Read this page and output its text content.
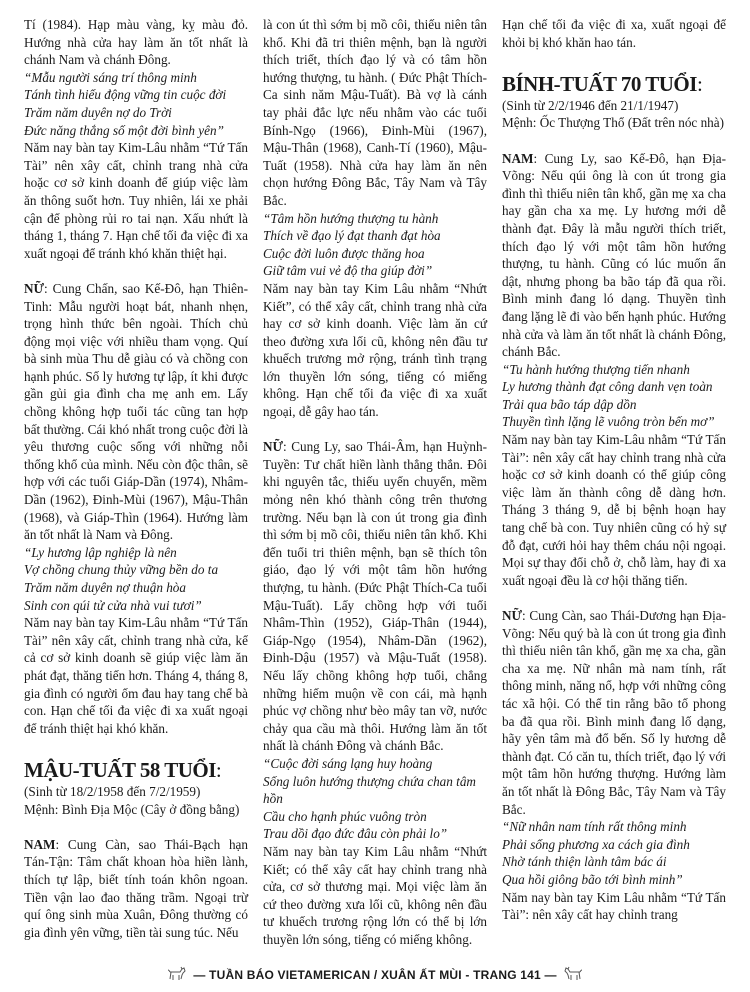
Tí (1984). Hạp màu vàng, kỵ màu đỏ. Hướng nhà cửa hay làm ăn tốt nhất là chánh Nam và chánh Đông.

“Mẫu người sáng trí thông minh
Tánh tình hiếu động vững tin cuộc đời
Trăm năm duyên nợ do Trời
Đức năng thắng số một đời bình yên”

Năm nay bàn tay Kim-Lâu nhằm “Tứ Tấn Tài” nên xây cất, chỉnh trang nhà cửa hoặc cơ sở kinh doanh để giúp việc làm ăn thông suốt hơn. Tuy nhiên, lái xe phải cận để phòng rủi ro tai nạn. Xấu nhứt là tháng 1, tháng 7. Hạn chế tối đa việc đi xa xuất ngoại để tránh khó khăn thiệt hại.

NỮ: Cung Chấn, sao Kế-Đô, hạn Thiên-Tinh: Mẫu người hoạt bát, nhanh nhẹn, trọng hình thức bên ngoài. Thích chủ động mọi việc với nhiều tham vọng. Quí bà sinh mùa Thu dễ giàu có và chồng con hạnh phúc. Số ly hương tự lập, ít khi được gần gủi gia đình cha mẹ anh em. Lấy chồng không hợp tuổi tác cũng tan hợp bất thường. Cái khó nhất trong cuộc đời là yêu thương cuộc sống với những nỗi thống khổ của mình. Nếu còn độc thân, sẽ hợp với các tuổi Giáp-Dần (1974), Nhâm-Dần (1962), Đinh-Mùi (1967), Mậu-Thân (1968), và Giáp-Thìn (1964). Hướng làm ăn tốt nhất là Nam và Đông.

“Ly hương lập nghiệp là nên
Vợ chồng chung thủy vững bền do ta
Trăm năm duyên nợ thuận hòa
Sinh con qúi tử cửa nhà vui tươi”

Năm nay bàn tay Kim-Lâu nhằm “Tứ Tấn Tài” nên xây cất, chỉnh trang nhà cửa, kể cả cơ sở kinh doanh sẽ giúp việc làm ăn phát đạt, thăng tiến hơn. Tháng 4, tháng 8, gia đình có người ốm đau hay tang chế bà con. Hạn chế tối đa việc đi xa xuất ngoại để tránh thiệt hại khó khăn.

MẬU-TUẤT 58 TUỔI:

(Sinh từ 18/2/1958 đến 7/2/1959)

Mệnh: Bình Địa Mộc (Cây ở đồng bằng)

NAM: Cung Càn, sao Thái-Bạch hạn Tán-Tận: Tâm chất khoan hòa hiền lành, thích tự lập, biết tính toán khôn ngoan. Tiền vận lao đao thăng trầm. Ngoại trừ quí ông sinh mùa Xuân, Đông thường có gia đình yên vững, tiền tài sung túc. Nếu

là con út thì sớm bị mồ côi, thiếu niên tân khổ. Khi đã tri thiên mệnh, bạn là người thích triết, thích đạo lý và có tâm hồn hướng thượng, tu hành. ( Đức Phật Thích-Ca sinh năm Mậu-Tuất). Bà vợ là cánh tay phải đắc lực nếu nhằm vào các tuổi Bính-Ngọ (1966), Đinh-Mùi (1967), Mậu-Thân (1968), Canh-Tí (1960), Mậu-Tuất (1958). Nhà cửa hay làm ăn nên chọn hướng Đông Bắc, Tây Nam và Tây Bắc.

“Tâm hồn hướng thượng tu hành
Thích về đạo lý đạt thanh đạt hòa
Cuộc đời luôn được thăng hoa
Giữ tâm vui vẻ độ tha giúp đời”

Năm nay bàn tay Kim Lâu nhằm “Nhứt Kiết”, có thể xây cất, chỉnh trang nhà cửa hay cơ sở kinh doanh. Việc làm ăn cứ theo đường xưa lối cũ, không nên đầu tư khuếch trương mở rộng, tránh tình trạng lớn thuyền lớn sóng, tiếng có miếng không. Hạn chế tối đa việc đi xa xuất ngoại, dễ gây hao tán.

NỮ: Cung Ly, sao Thái-Âm, hạn Huỳnh-Tuyền: Tư chất hiền lành thẳng thắn. Đôi khi nguyên tắc, thiếu uyển chuyển, mềm mỏng nên khó thành công trên thương trường. Nếu bạn là con út trong gia đình thì sớm bị mồ côi, thiếu niên tân khổ. Khi đến tuổi tri thiên mệnh, bạn sẽ thích tôn giáo, đạo lý với một tâm hồn hướng thượng, tu hành. (Đức Phật Thích-Ca tuổi Mậu-Tuất). Lấy chồng hợp với tuổi Nhâm-Thìn (1952), Giáp-Thân (1944), Giáp-Ngọ (1954), Nhâm-Dần (1962), Đinh-Dậu (1957) và Mậu-Tuất (1958). Nếu lấy chồng không hợp tuổi, chẳng những hiếm muộn về con cái, mà hạnh phúc vợ chồng như bèo mây tan vỡ, nước chảy qua cầu mà thôi. Hướng làm ăn tốt nhất là chánh Đông và chánh Bắc.

“Cuộc đời sáng lạng huy hoàng
Sống luôn hướng thượng chứa chan tâm hồn
Cầu cho hạnh phúc vuông tròn
Trau dồi đạo đức đâu còn phải lo”

Năm nay bàn tay Kim Lâu nhằm “Nhứt Kiết; có thể xây cất hay chỉnh trang nhà cửa, cơ sở thương mại. Mọi việc làm ăn cứ theo đường xưa lối cũ, không nên đầu tư khuếch trương rộng lớn có thể bị lớn thuyền lớn sóng, tiếng có miếng không.

Hạn chế tối đa việc đi xa, xuất ngoại để khỏi bị khó khăn hao tán.

BÍNH-TUẤT 70 TUỔI:

(Sinh từ 2/2/1946 đến 21/1/1947)

Mệnh: Ốc Thượng Thổ (Đất trên nóc nhà)

NAM: Cung Ly, sao Kế-Đô, hạn Địa-Võng: Nếu qúi ông là con út trong gia đình thì thiếu niên tân khổ, gần mẹ xa cha hay gần cha xa mẹ. Ly hương mới dễ thành đạt. Đây là mẫu người thích triết, thích đạo lý với một tâm hồn hướng thượng, tu hành. Cũng có lúc muốn ẩn dật, nhưng phong ba bão táp đã qua rồi. Bình minh đang ló dạng. Thuyền tình đang lặng lẽ đi vào bến hạnh phúc. Hướng nhà cửa và làm ăn tốt nhất là chánh Đông, chánh Bắc.

“Tu hành hướng thượng tiến nhanh
Ly hương thành đạt công danh vẹn toàn
Trải qua bão táp dập dồn
Thuyền tình lặng lẽ vuông tròn bến mơ”

Năm nay bàn tay Kim-Lâu nhằm “Tứ Tấn Tài”: nên xây cất hay chỉnh trang nhà cửa hoặc cơ sở kinh doanh có thể giúp công việc làm ăn thành công dễ dàng hơn. Tháng 3 tháng 9, dễ bị bệnh hoạn hay tang chế bà con. Tuy nhiên cũng có hỷ sự đỗ đạt, cưới hỏi hay thêm cháu nội ngoại. Mọi sự thay đổi chỗ ở, chỗ làm, hay đi xa xuất ngoại đều là cơ hội thăng tiến.

NỮ: Cung Càn, sao Thái-Dương hạn Địa-Võng: Nếu quý bà là con út trong gia đình thì thiếu niên tân khổ, gần mẹ xa cha, gần cha xa mẹ. Nữ nhân mà nam tính, rất thông minh, năng nổ, hợp với những công tác xã hội. Có thể tin rằng bão tố phong ba đã qua rồi. Bình minh đang lố dạng, hãy yên tâm mà đổ bến. Số ly hương dễ thành đạt. Có căn tu, thích triết, đạo lý với một tâm hồn hướng thượng. Hướng làm ăn tốt nhất là Đông Bắc, Tây Nam và Tây Bắc.

“Nữ nhân nam tính rất thông minh
Phải sống phương xa cách gia đình
Nhờ tánh thiện lành tâm bác ái
Qua hồi giông bão tới bình minh”

Năm nay bàn tay Kim Lâu nhằm “Tứ Tấn Tài”: nên xây cất hay chỉnh trang

— TUẦN BÁO VIETAMERICAN / XUÂN ẤT MÙI - TRANG 141 —
